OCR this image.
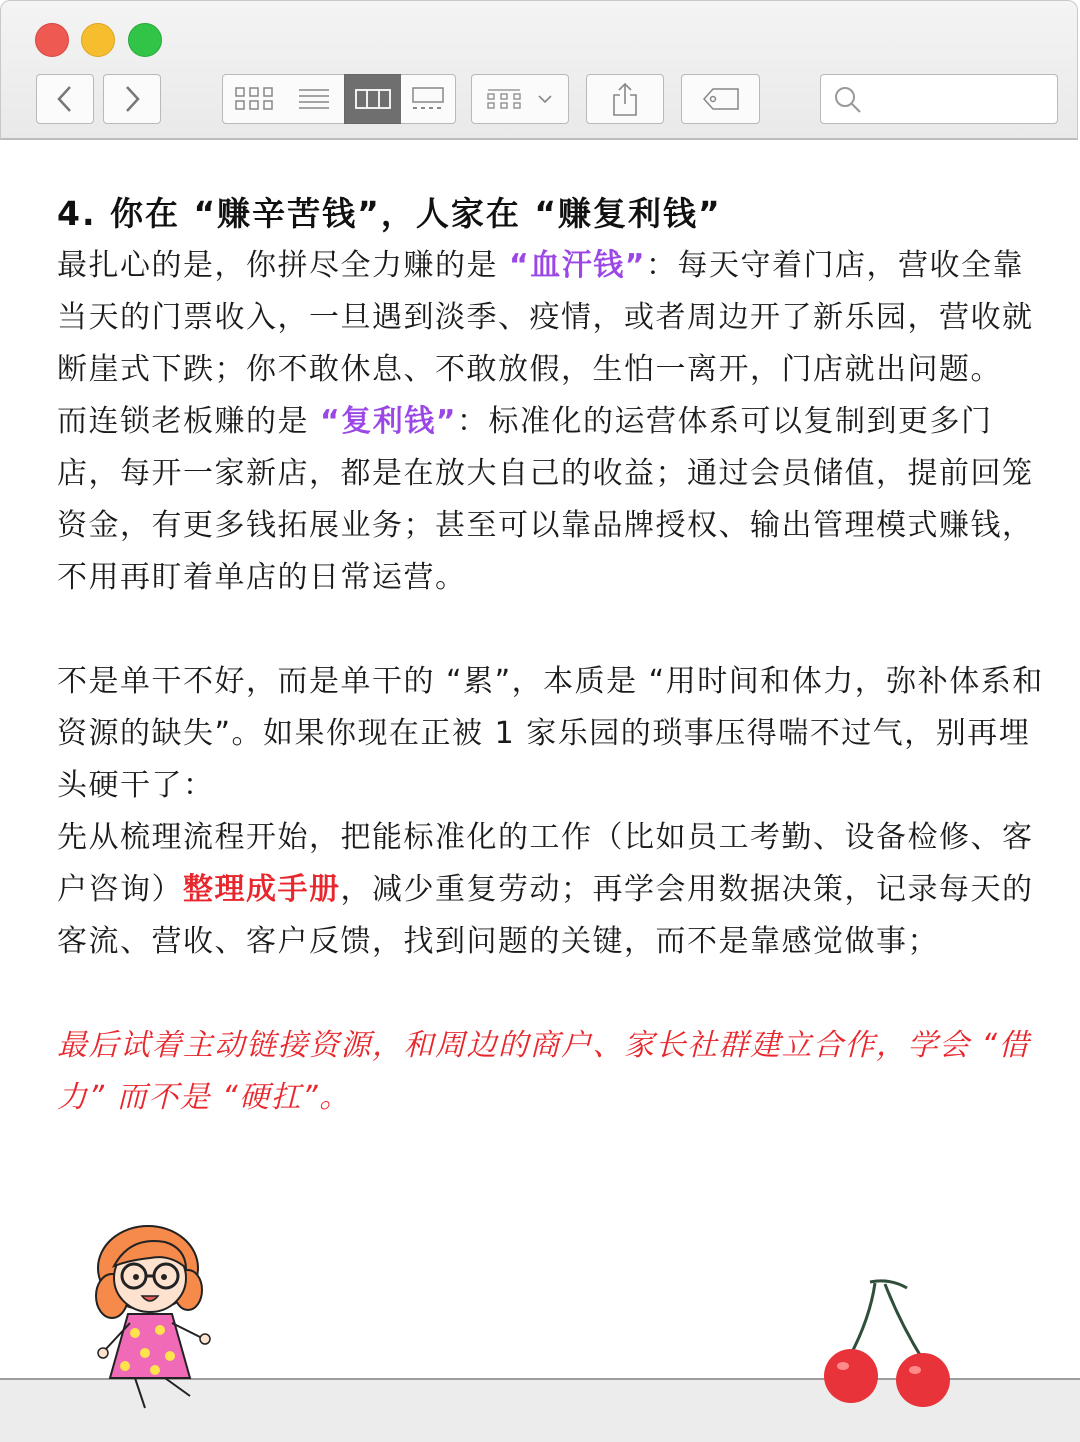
4. 你在 “赚辛苦钱”，人家在 “赚复利钱”

最扎心的是，你拼尽全力赚的是 “血汗钱”：每天守着门店，营收全靠当天的门票收入，一旦遇到淡季、疫情，或者周边开了新乐园，营收就断崖式下跌；你不敢休息、不敢放假，生怕一离开，门店就出问题。

而连锁老板赚的是 “复利钱”：标准化的运营体系可以复制到更多门店，每开一家新店，都是在放大自己的收益；通过会员储值，提前回笼资金，有更多钱拓展业务；甚至可以靠品牌授权、输出管理模式赚钱，不用再盯着单店的日常运营。

不是单干不好，而是单干的 “累”，本质是 “用时间和体力，弥补体系和资源的缺失”。如果你现在正被 1 家乐园的琐事压得喘不过气，别再埋头硬干了：

先从梳理流程开始，把能标准化的工作（比如员工考勤、设备检修、客户咨询）整理成手册，减少重复劳动；再学会用数据决策，记录每天的客流、营收、客户反馈，找到问题的关键，而不是靠感觉做事；

最后试着主动链接资源，和周边的商户、家长社群建立合作，学会 “借力” 而不是 “硬扛”。
